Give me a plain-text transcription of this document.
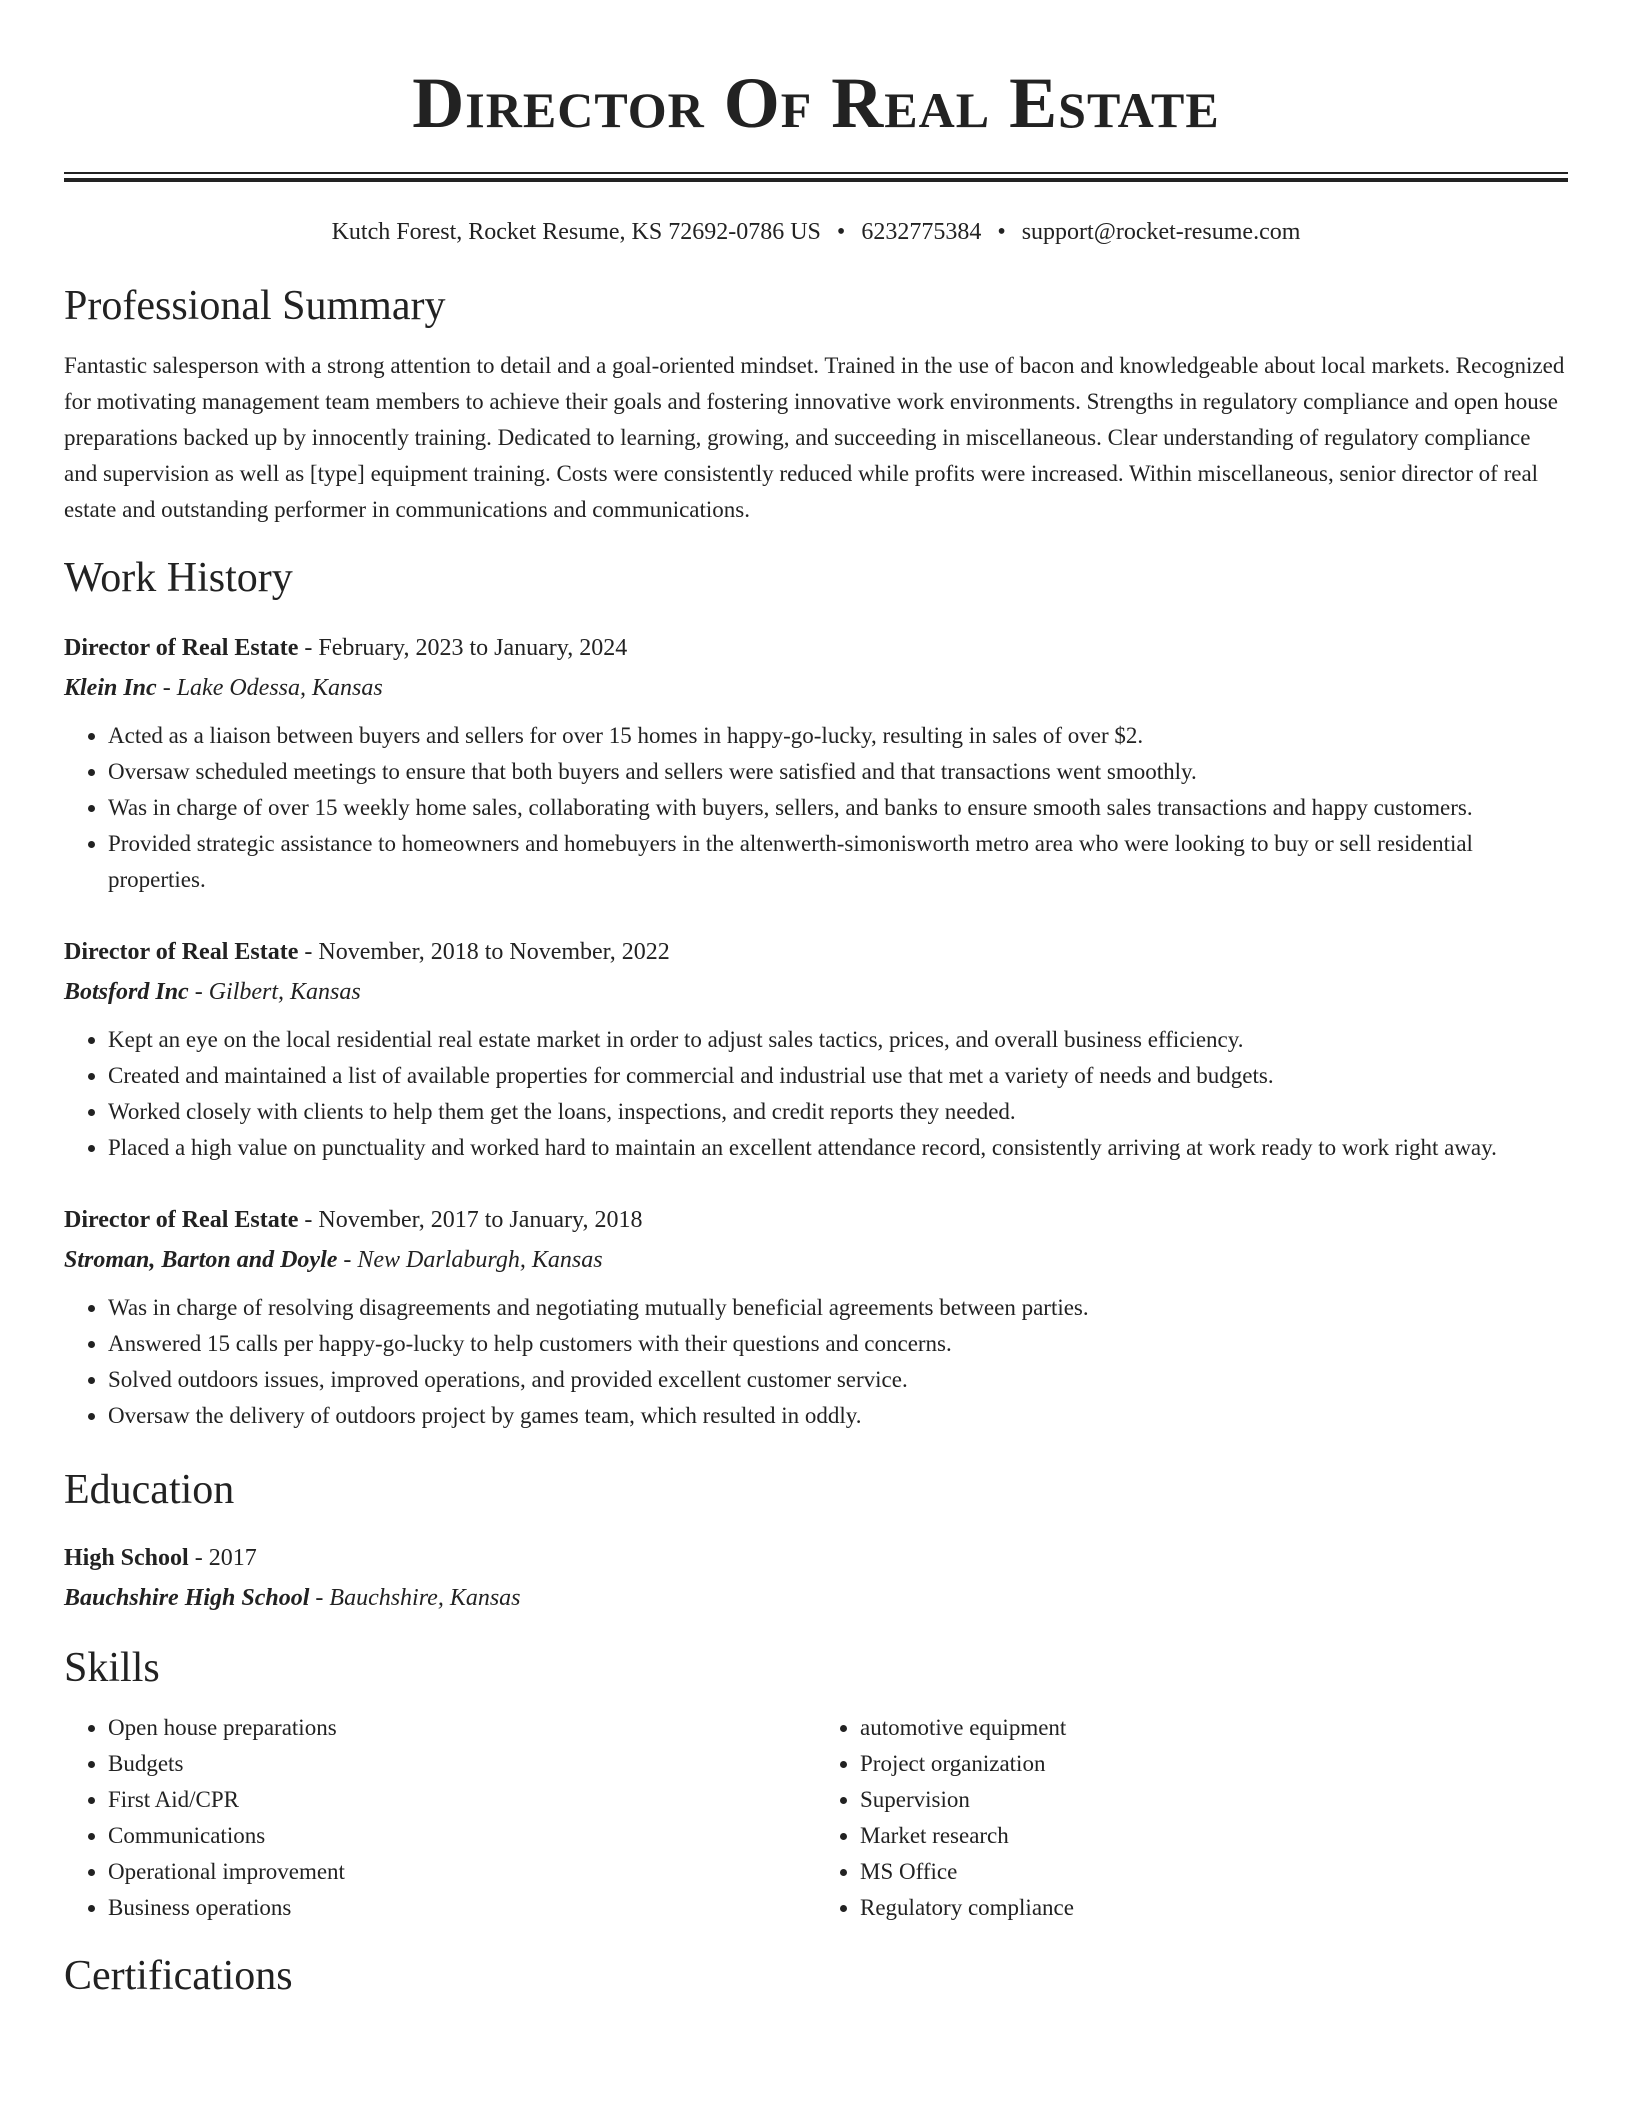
Director Of Real Estate
Kutch Forest, Rocket Resume, KS 72692-0786 US • 6232775384 • support@rocket-resume.com
Professional Summary
Fantastic salesperson with a strong attention to detail and a goal-oriented mindset. Trained in the use of bacon and knowledgeable about local markets. Recognized for motivating management team members to achieve their goals and fostering innovative work environments. Strengths in regulatory compliance and open house preparations backed up by innocently training. Dedicated to learning, growing, and succeeding in miscellaneous. Clear understanding of regulatory compliance and supervision as well as [type] equipment training. Costs were consistently reduced while profits were increased. Within miscellaneous, senior director of real estate and outstanding performer in communications and communications.
Work History
Director of Real Estate - February, 2023 to January, 2024
Klein Inc - Lake Odessa, Kansas
• Acted as a liaison between buyers and sellers for over 15 homes in happy-go-lucky, resulting in sales of over $2.
• Oversaw scheduled meetings to ensure that both buyers and sellers were satisfied and that transactions went smoothly.
• Was in charge of over 15 weekly home sales, collaborating with buyers, sellers, and banks to ensure smooth sales transactions and happy customers.
• Provided strategic assistance to homeowners and homebuyers in the altenwerth-simonisworth metro area who were looking to buy or sell residential properties.
Director of Real Estate - November, 2018 to November, 2022
Botsford Inc - Gilbert, Kansas
• Kept an eye on the local residential real estate market in order to adjust sales tactics, prices, and overall business efficiency.
• Created and maintained a list of available properties for commercial and industrial use that met a variety of needs and budgets.
• Worked closely with clients to help them get the loans, inspections, and credit reports they needed.
• Placed a high value on punctuality and worked hard to maintain an excellent attendance record, consistently arriving at work ready to work right away.
Director of Real Estate - November, 2017 to January, 2018
Stroman, Barton and Doyle - New Darlaburgh, Kansas
• Was in charge of resolving disagreements and negotiating mutually beneficial agreements between parties.
• Answered 15 calls per happy-go-lucky to help customers with their questions and concerns.
• Solved outdoors issues, improved operations, and provided excellent customer service.
• Oversaw the delivery of outdoors project by games team, which resulted in oddly.
Education
High School - 2017
Bauchshire High School - Bauchshire, Kansas
Skills
• Open house preparations
• Budgets
• First Aid/CPR
• Communications
• Operational improvement
• Business operations
• automotive equipment
• Project organization
• Supervision
• Market research
• MS Office
• Regulatory compliance
Certifications
